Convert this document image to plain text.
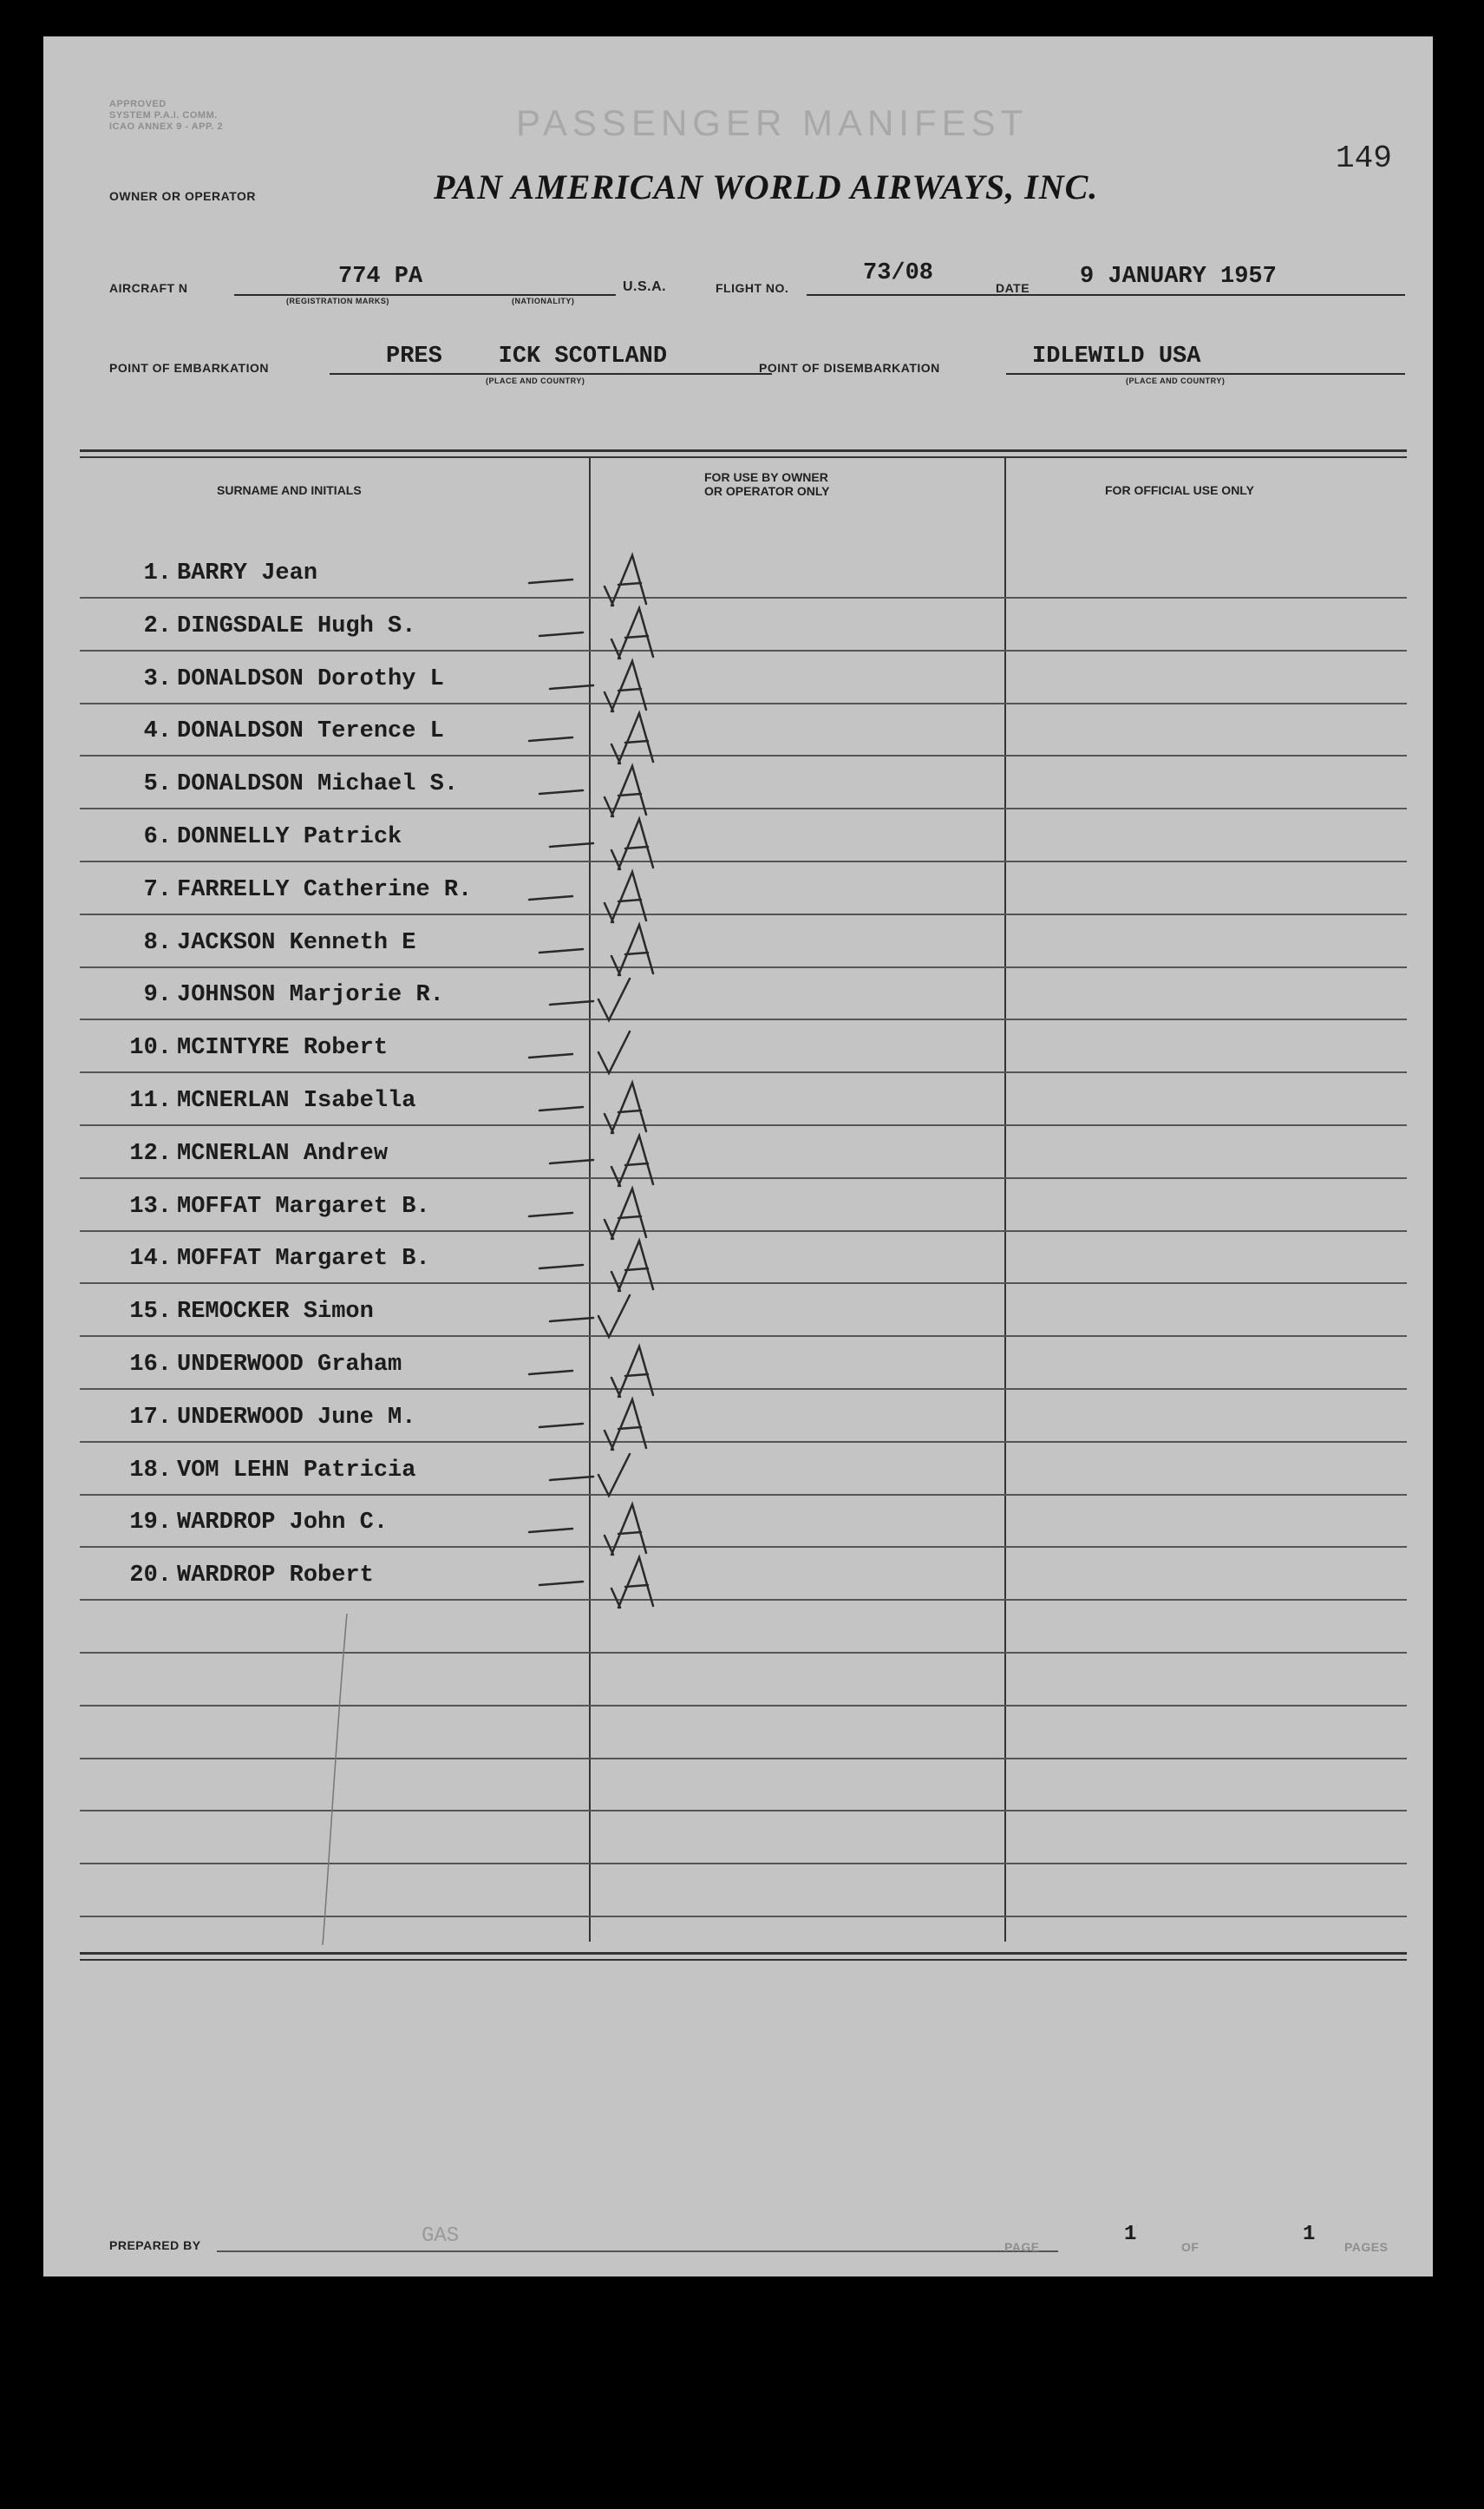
APPROVED
SYSTEM P.A.I. COMM.
ICAO ANNEX 9 - APP. 2	PASSENGER MANIFEST
149
OWNER OR OPERATOR	PAN AMERICAN WORLD AIRWAYS, INC.
AIRCRAFT N	774 PA
(REGISTRATION MARKS)	(NATIONALITY)
U.S.A.	FLIGHT NO.
73/08
DATE 9 JANUARY 1957
POINT OF EMBARKATION	PRES    ICK SCOTLAND
(PLACE AND COUNTRY)
POINT OF DISEMBARKATION	IDLEWILD USA
(PLACE AND COUNTRY)
SURNAME AND INITIALS
FOR USE BY OWNER
OR OPERATOR ONLY	FOR OFFICIAL USE ONLY
1. BARRY Jean
2. DINGSDALE Hugh S.
3. DONALDSON Dorothy L
4. DONALDSON Terence L
5. DONALDSON Michael S.
6. DONNELLY Patrick
7. FARRELLY Catherine R.
8. JACKSON Kenneth E
9. JOHNSON Marjorie R.
10. MCINTYRE Robert
11. MCNERLAN Isabella
12. MCNERLAN Andrew
13. MOFFAT Margaret B.
14. MOFFAT Margaret B.
15. REMOCKER Simon
16. UNDERWOOD Graham
17. UNDERWOOD June M.
18. VOM LEHN Patricia
19. WARDROP John C.
20. WARDROP Robert
PREPARED BY	GAS	PAGE
1
OF
1
PAGES
